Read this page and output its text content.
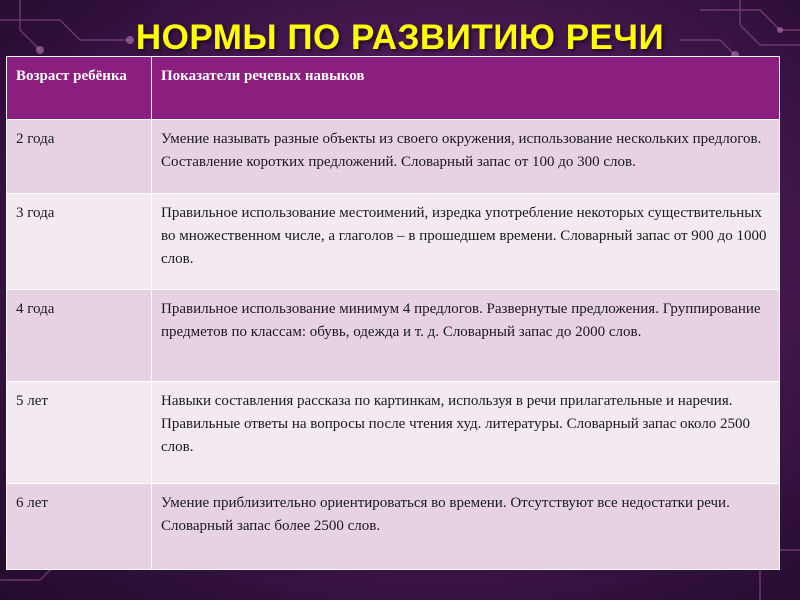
НОРМЫ ПО РАЗВИТИЮ РЕЧИ
Возраст ребёнка	Показатели речевых навыков
2 года	Умение называть разные объекты из своего окружения, использование нескольких предлогов. Составление коротких предложений. Словарный запас от 100 до 300 слов.
3 года	Правильное использование местоимений, изредка употребление некоторых существительных во множественном числе, а глаголов – в прошедшем времени. Словарный запас от 900 до 1000 слов.
4 года	Правильное использование минимум 4 предлогов. Развернутые предложения. Группирование предметов по классам: обувь, одежда и т. д. Словарный запас до 2000 слов.
5 лет	Навыки составления рассказа по картинкам, используя в речи прилагательные и наречия. Правильные ответы на вопросы после чтения худ. литературы. Словарный запас около 2500 слов.
6 лет	Умение приблизительно ориентироваться во времени. Отсутствуют все недостатки речи. Словарный запас более 2500 слов.
